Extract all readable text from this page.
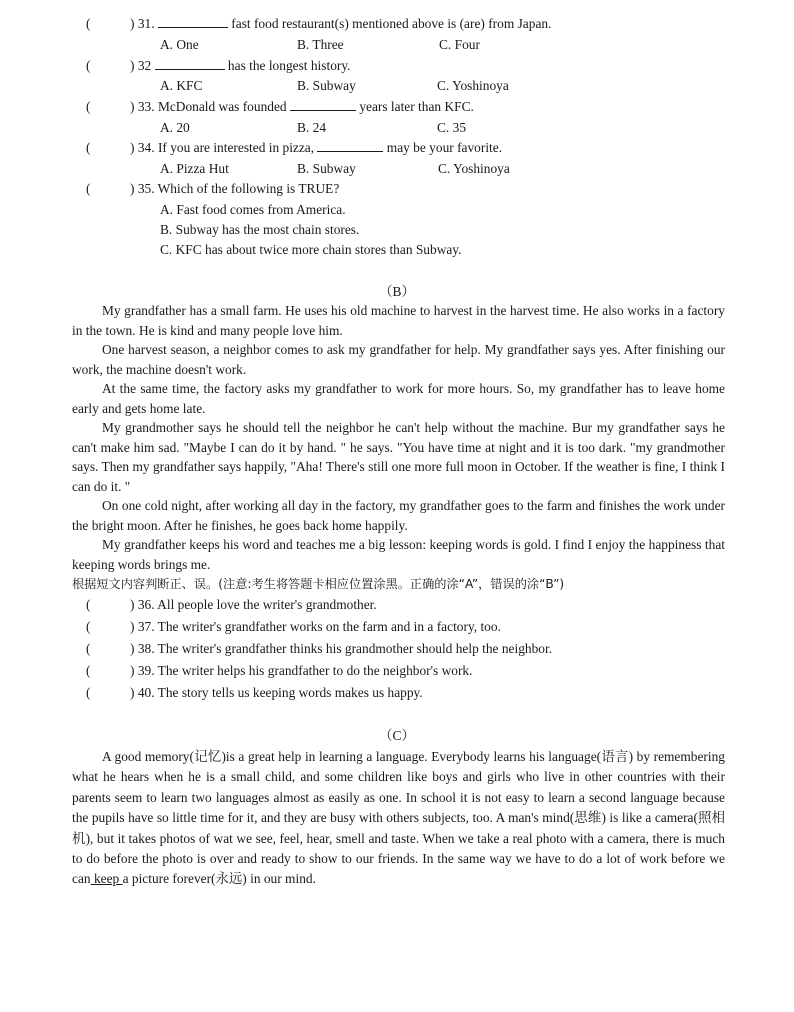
(	) 31.	fast food restaurant(s) mentioned above is (are) from Japan.
A. One	B. Three	C. Four
(	) 32	has the longest history.
A. KFC	B. Subway	C. Yoshinoya
(	) 33. McDonald was founded	years later than KFC.
A. 20	B. 24	C. 35
(	) 34. If you are interested in pizza,	may be your favorite.
A. Pizza Hut	B. Subway	C. Yoshinoya
(	) 35. Which of the following is TRUE?
A. Fast food comes from America.
B. Subway has the most chain stores.
C. KFC has about twice more chain stores than Subway.
（B）

My grandfather has a small farm. He uses his old machine to harvest in the harvest time. He also works in a factory in the town. He is kind and many people love him.

One harvest season, a neighbor comes to ask my grandfather for help. My grandfather says yes. After finishing our work, the machine doesn't work.

At the same time, the factory asks my grandfather to work for more hours. So, my grandfather has to leave home early and gets home late.

My grandmother says he should tell the neighbor he can't help without the machine. Bur my grandfather says he can't make him sad. "Maybe I can do it by hand. " he says. "You have time at night and it is too dark. "my grandmother says. Then my grandfather says happily, "Aha! There's still one more full moon in October. If the weather is fine, I think I can do it. "

On one cold night, after working all day in the factory, my grandfather goes to the farm and finishes the work under the bright moon. After he finishes, he goes back home happily.

My grandfather keeps his word and teaches me a big lesson: keeping words is gold. I find I enjoy the happiness that keeping words brings me.

根据短文内容判断正、误。(注意:考生将答题卡相应位置涂黑。正确的涂“A”，错误的涂“B”)
(	) 36. All people love the writer's grandmother.
(	) 37. The writer's grandfather works on the farm and in a factory, too.
(	) 38. The writer's grandfather thinks his grandmother should help the neighbor.
(	) 39. The writer helps his grandfather to do the neighbor's work.
(	) 40. The story tells us keeping words makes us happy.
（C）

A good memory(记忆)is a great help in learning a language. Everybody learns his language(语言) by remembering what he hears when he is a small child, and some children like boys and girls who live in other countries with their parents seem to learn two languages almost as easily as one. In school it is not easy to learn a second language because the pupils have so little time for it, and they are busy with others subjects, too. A man's mind(思维) is like a camera(照相机), but it takes photos of wat we see, feel, hear, smell and taste. When we take a real photo with a camera, there is much to do before the photo is over and ready to show to our friends. In the same way we have to do a lot of work before we can keep a picture forever(永远) in our mind.
